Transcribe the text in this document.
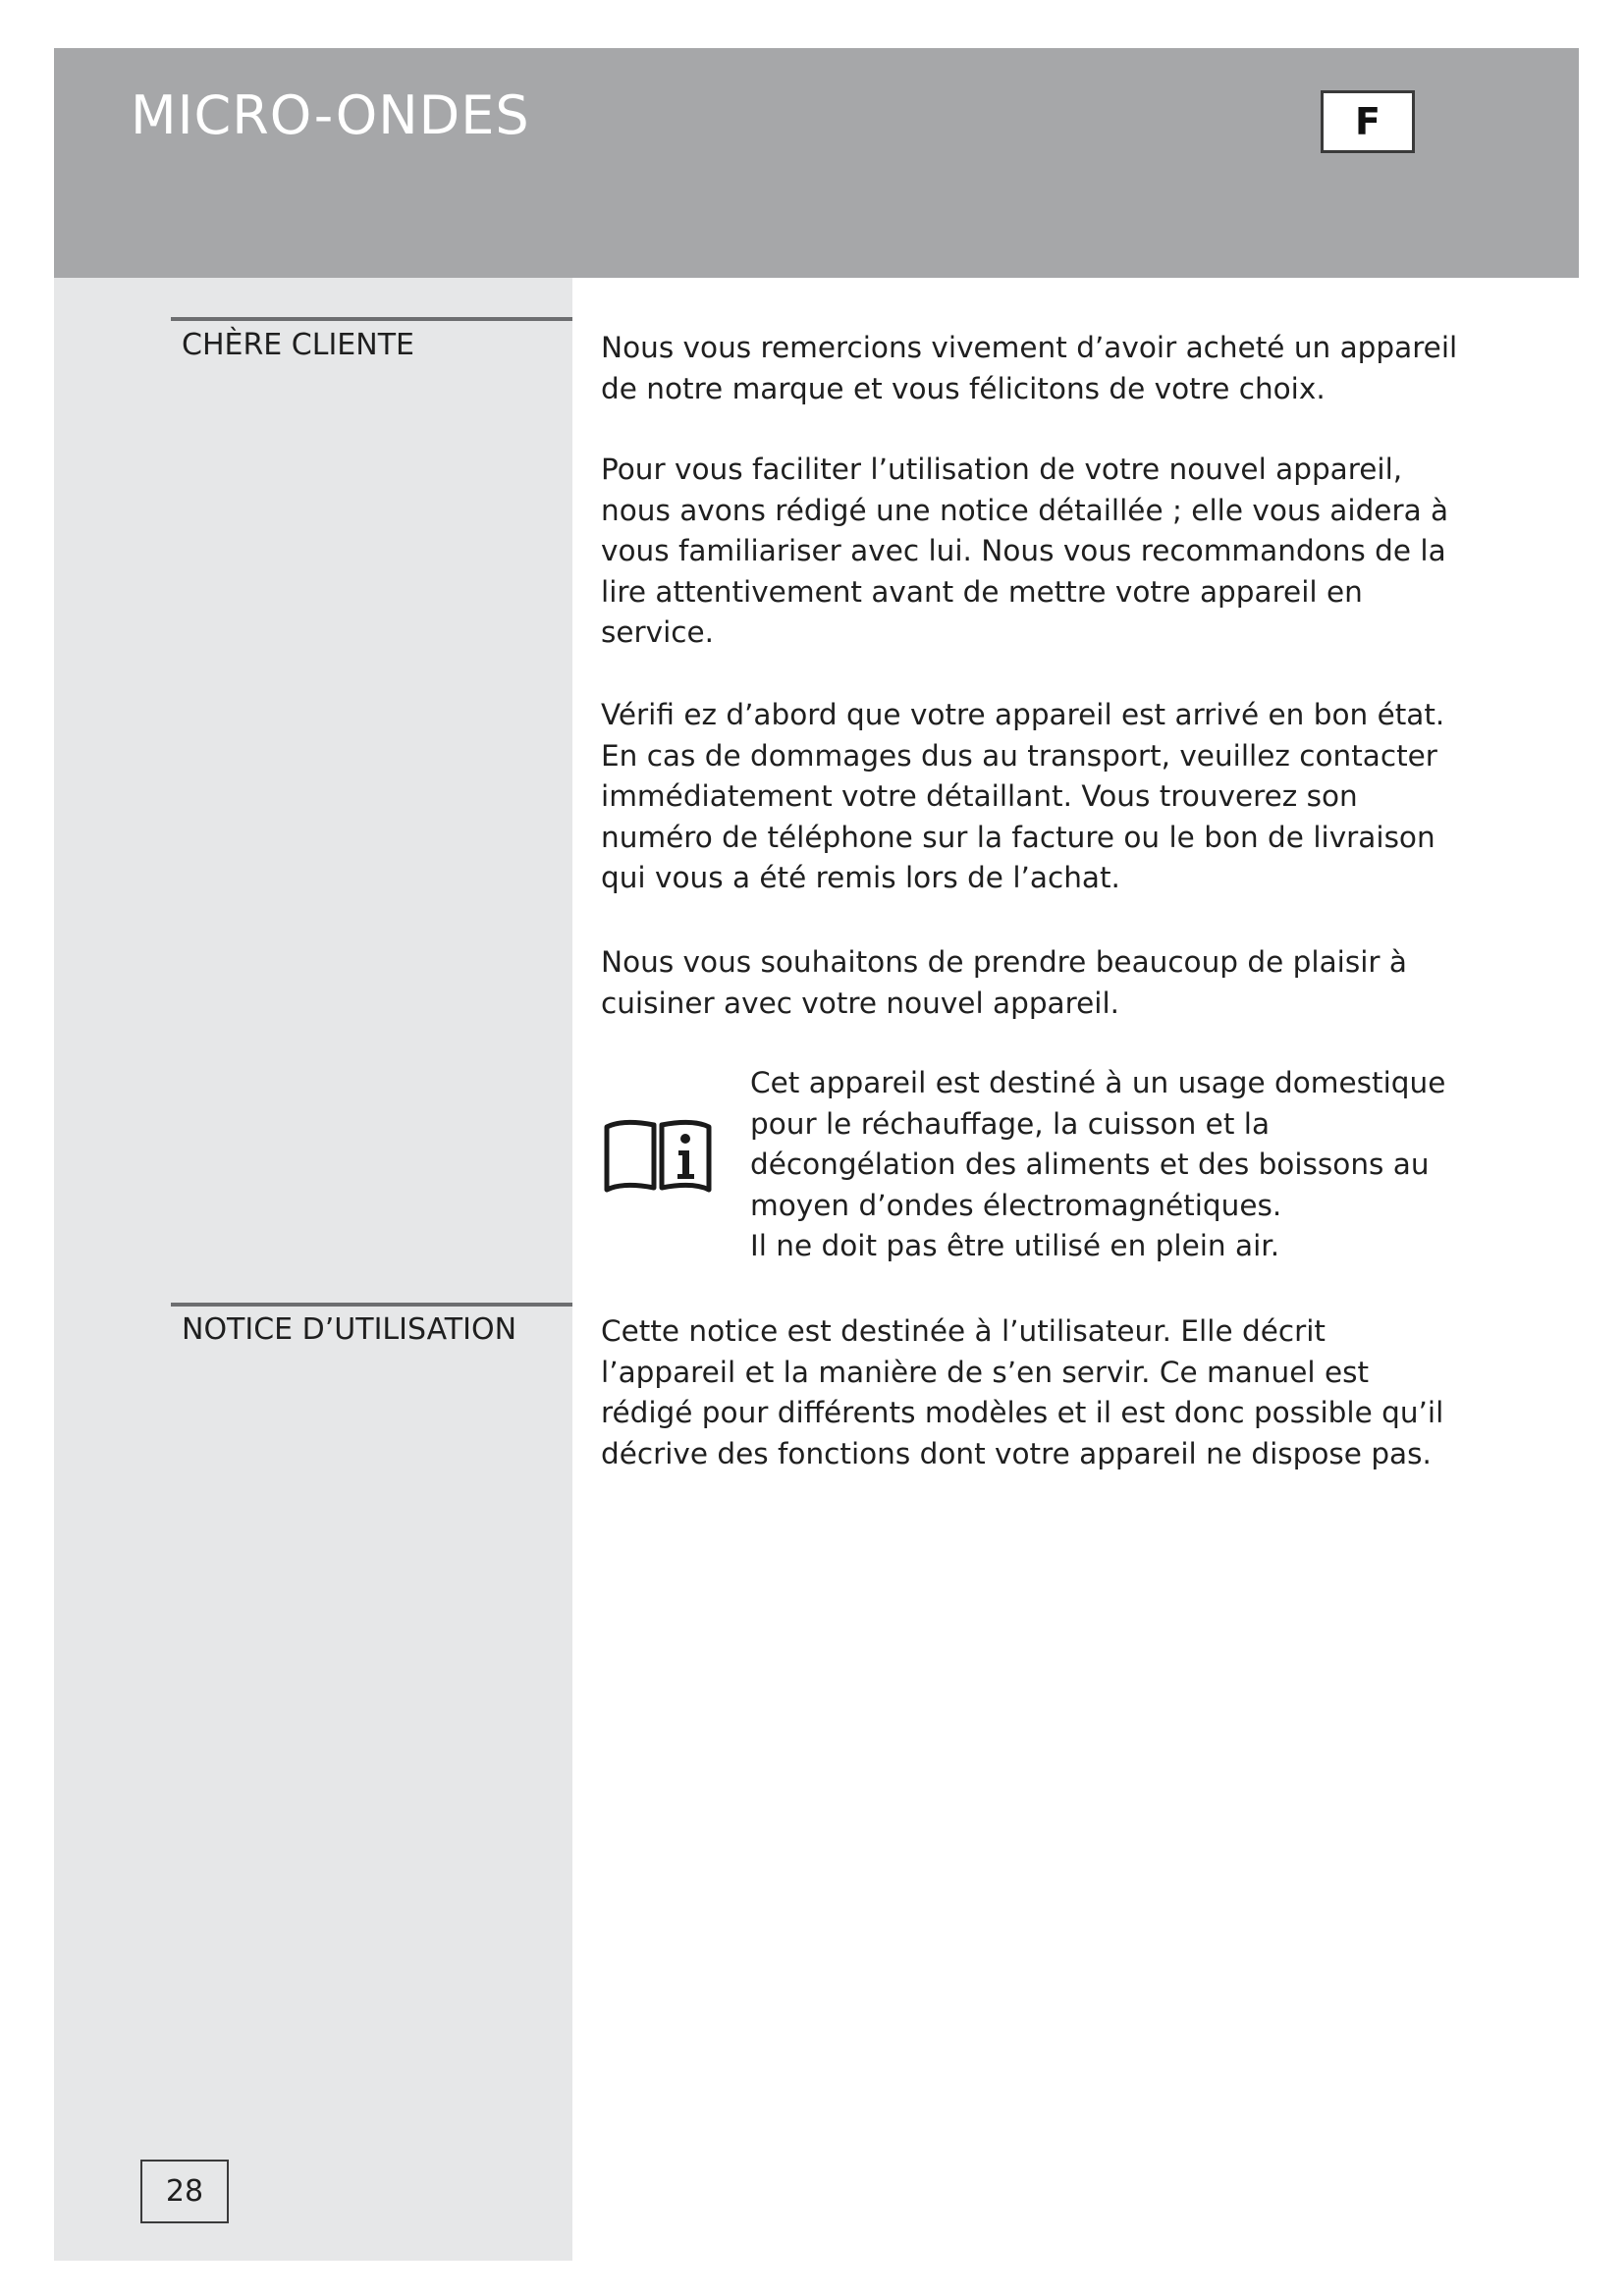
MICRO-ONDES	F
CHÈRE CLIENTE	Nous vous remercions vivement d’avoir acheté un appareil de notre marque et vous félicitons de votre choix.

Pour vous faciliter l’utilisation de votre nouvel appareil, nous avons rédigé une notice détaillée ; elle vous aidera à vous familiariser avec lui. Nous vous recommandons de la lire attentivement avant de mettre votre appareil en service.

Vérifi ez d’abord que votre appareil est arrivé en bon état. En cas de dommages dus au transport, veuillez contacter immédiatement votre détaillant. Vous trouverez son numéro de téléphone sur la facture ou le bon de livraison qui vous a été remis lors de l’achat.

Nous vous souhaitons de prendre beaucoup de plaisir à cuisiner avec votre nouvel appareil.

Cet appareil est destiné à un usage domestique pour le réchauffage, la cuisson et la décongélation des aliments et des boissons au moyen d’ondes électromagnétiques.
Il ne doit pas être utilisé en plein air.

NOTICE D’UTILISATION	Cette notice est destinée à l’utilisateur. Elle décrit l’appareil et la manière de s’en servir. Ce manuel est rédigé pour différents modèles et il est donc possible qu’il décrive des fonctions dont votre appareil ne dispose pas.

28
